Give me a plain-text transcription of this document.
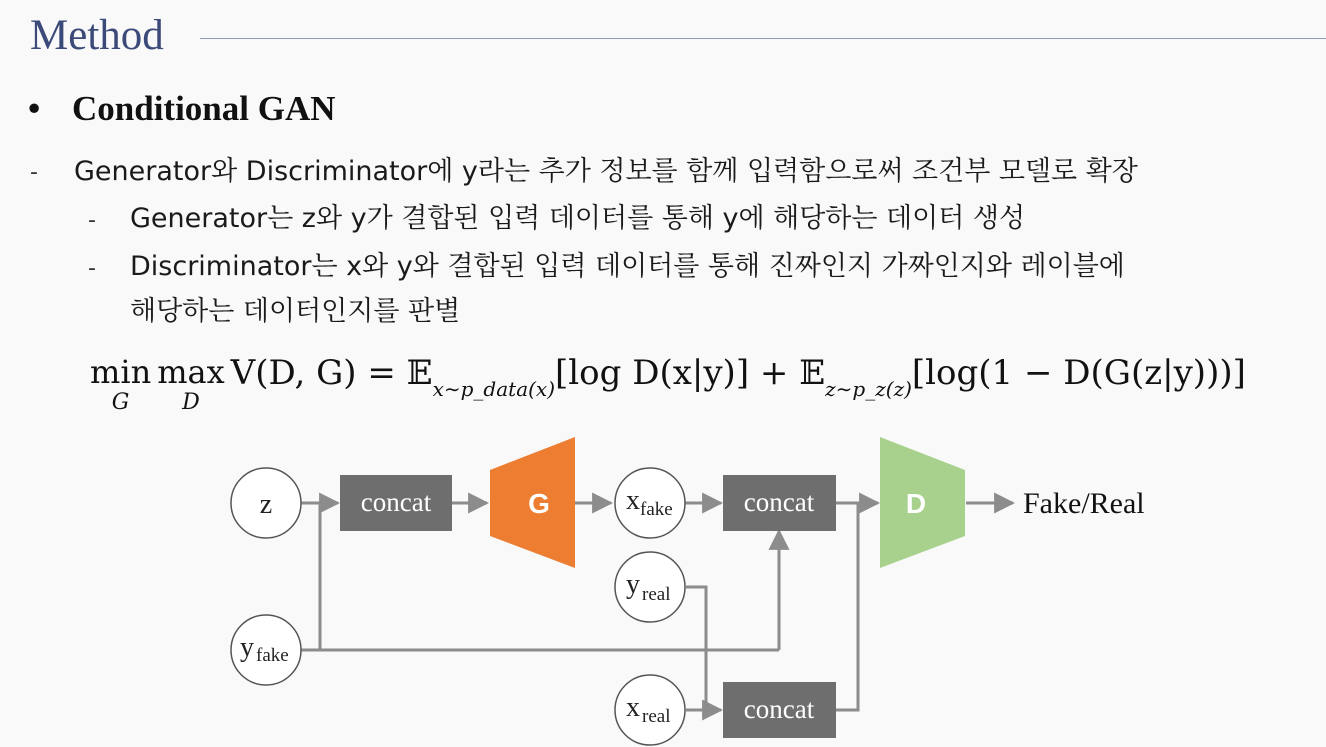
Method
• Conditional GAN
- Generator와 Discriminator에 y라는 추가 정보를 함께 입력함으로써 조건부 모델로 확장
- Generator는 z와 y가 결합된 입력 데이터를 통해 y에 해당하는 데이터 생성
- Discriminator는 x와 y와 결합된 입력 데이터를 통해 진짜인지 가짜인지와 레이블에
해당하는 데이터인지를 판별
min
G
max
D
V(D, G) = 𝔼$_{x\sim p\_data(x)}$[log D(x|y)] + 𝔼$_{z\sim p\_z(z)}$[log(1 − D(G(z|y)))]
z
y fake
concat	G	x fake	concat
y real
x real	concat
D	Fake/Real
